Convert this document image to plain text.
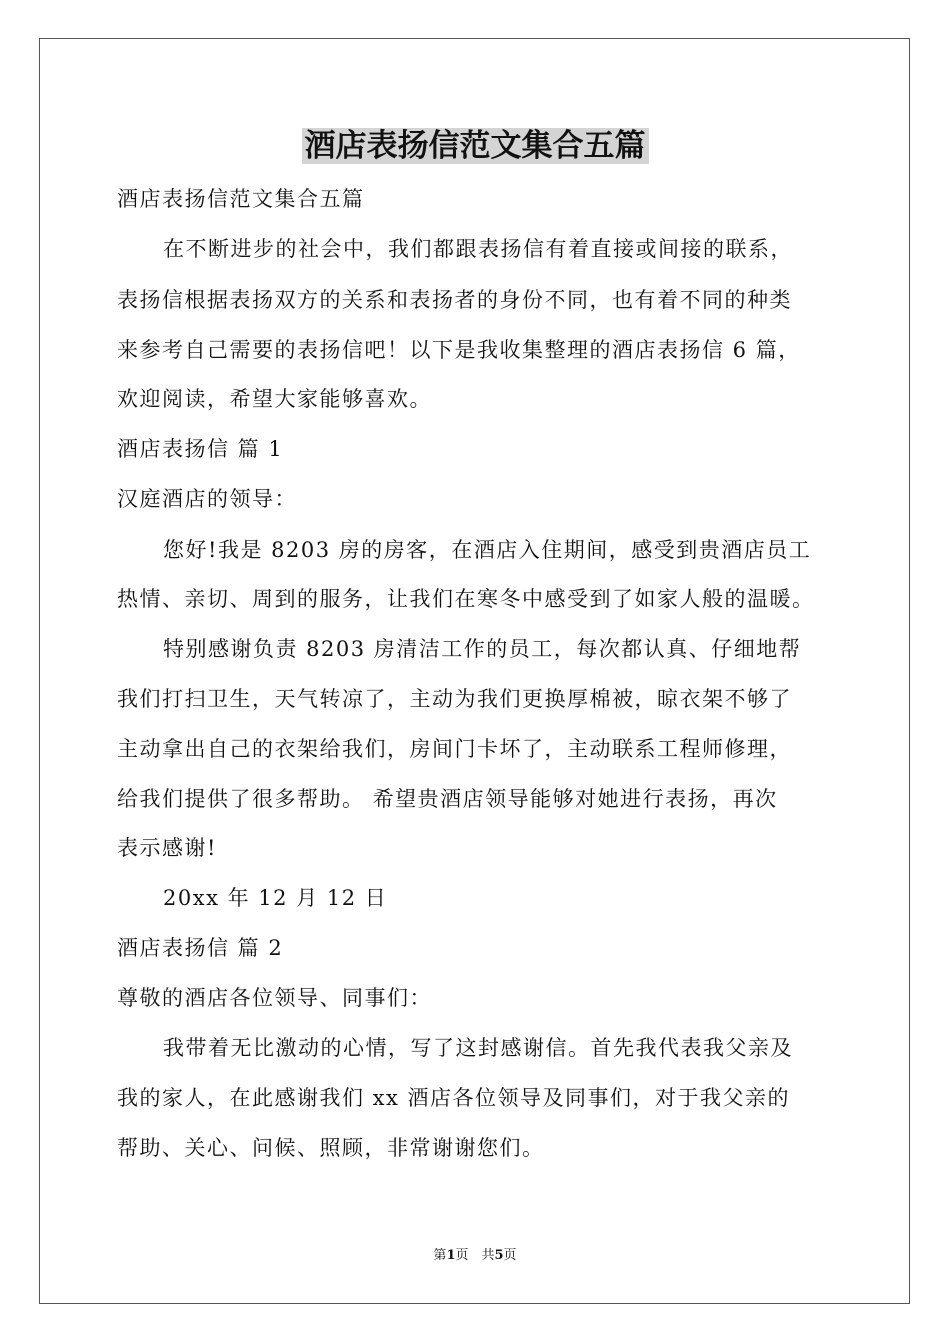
酒店表扬信范文集合五篇
酒店表扬信范文集合五篇
在不断进步的社会中，我们都跟表扬信有着直接或间接的联系，
表扬信根据表扬双方的关系和表扬者的身份不同，也有着不同的种类
来参考自己需要的表扬信吧！以下是我收集整理的酒店表扬信 6 篇，
欢迎阅读，希望大家能够喜欢。
酒店表扬信 篇 1
汉庭酒店的领导：
您好!我是 8203 房的房客，在酒店入住期间，感受到贵酒店员工
热情、亲切、周到的服务，让我们在寒冬中感受到了如家人般的温暖。
特别感谢负责 8203 房清洁工作的员工，每次都认真、仔细地帮
我们打扫卫生，天气转凉了，主动为我们更换厚棉被，晾衣架不够了
主动拿出自己的衣架给我们，房间门卡坏了，主动联系工程师修理，
给我们提供了很多帮助。 希望贵酒店领导能够对她进行表扬，再次
表示感谢!
20xx 年 12 月 12 日
酒店表扬信 篇 2
尊敬的酒店各位领导、同事们：
我带着无比激动的心情，写了这封感谢信。首先我代表我父亲及
我的家人，在此感谢我们 xx 酒店各位领导及同事们，对于我父亲的
帮助、关心、问候、照顾，非常谢谢您们。
第1页　共5页
